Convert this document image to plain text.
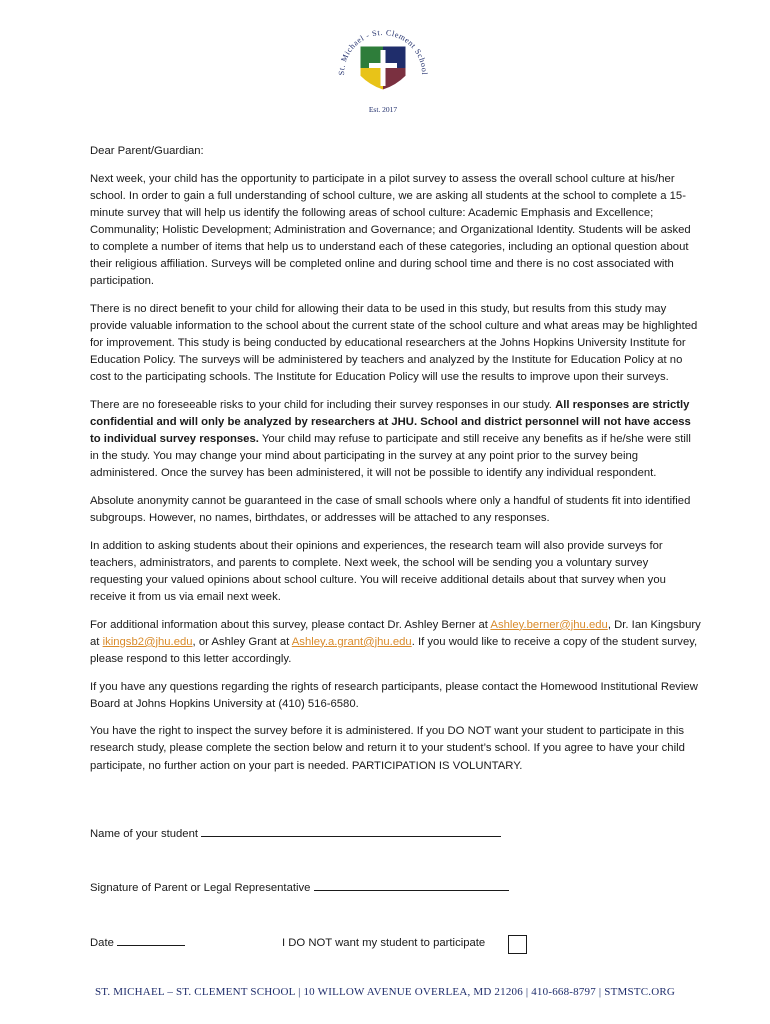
St. Michael - St. Clement School
Est. 2017

Dear Parent/Guardian:

Next week, your child has the opportunity to participate in a pilot survey to assess the overall school culture at his/her school. In order to gain a full understanding of school culture, we are asking all students at the school to complete a 15-minute survey that will help us identify the following areas of school culture: Academic Emphasis and Excellence; Communality; Holistic Development; Administration and Governance; and Organizational Identity. Students will be asked to complete a number of items that help us to understand each of these categories, including an optional question about their religious affiliation. Surveys will be completed online and during school time and there is no cost associated with participation.

There is no direct benefit to your child for allowing their data to be used in this study, but results from this study may provide valuable information to the school about the current state of the school culture and what areas may be highlighted for improvement. This study is being conducted by educational researchers at the Johns Hopkins University Institute for Education Policy. The surveys will be administered by teachers and analyzed by the Institute for Education Policy at no cost to the participating schools. The Institute for Education Policy will use the results to improve upon their surveys.

There are no foreseeable risks to your child for including their survey responses in our study. All responses are strictly confidential and will only be analyzed by researchers at JHU. School and district personnel will not have access to individual survey responses. Your child may refuse to participate and still receive any benefits as if he/she were still in the study. You may change your mind about participating in the survey at any point prior to the survey being administered. Once the survey has been administered, it will not be possible to identify any individual respondent.

Absolute anonymity cannot be guaranteed in the case of small schools where only a handful of students fit into identified subgroups. However, no names, birthdates, or addresses will be attached to any responses.

In addition to asking students about their opinions and experiences, the research team will also provide surveys for teachers, administrators, and parents to complete. Next week, the school will be sending you a voluntary survey requesting your valued opinions about school culture. You will receive additional details about that survey when you receive it from us via email next week.

For additional information about this survey, please contact Dr. Ashley Berner at Ashley.berner@jhu.edu, Dr. Ian Kingsbury at ikingsb2@jhu.edu, or Ashley Grant at Ashley.a.grant@jhu.edu. If you would like to receive a copy of the student survey, please respond to this letter accordingly.

If you have any questions regarding the rights of research participants, please contact the Homewood Institutional Review Board at Johns Hopkins University at (410) 516-6580.

You have the right to inspect the survey before it is administered. If you DO NOT want your student to participate in this research study, please complete the section below and return it to your student’s school. If you agree to have your child participate, no further action on your part is needed. PARTICIPATION IS VOLUNTARY.

Name of your student
Signature of Parent or Legal Representative
Date	I DO NOT want my student to participate
ST. MICHAEL – ST. CLEMENT SCHOOL | 10 WILLOW AVENUE OVERLEA, MD 21206 | 410-668-8797 | STMSTC.ORG
